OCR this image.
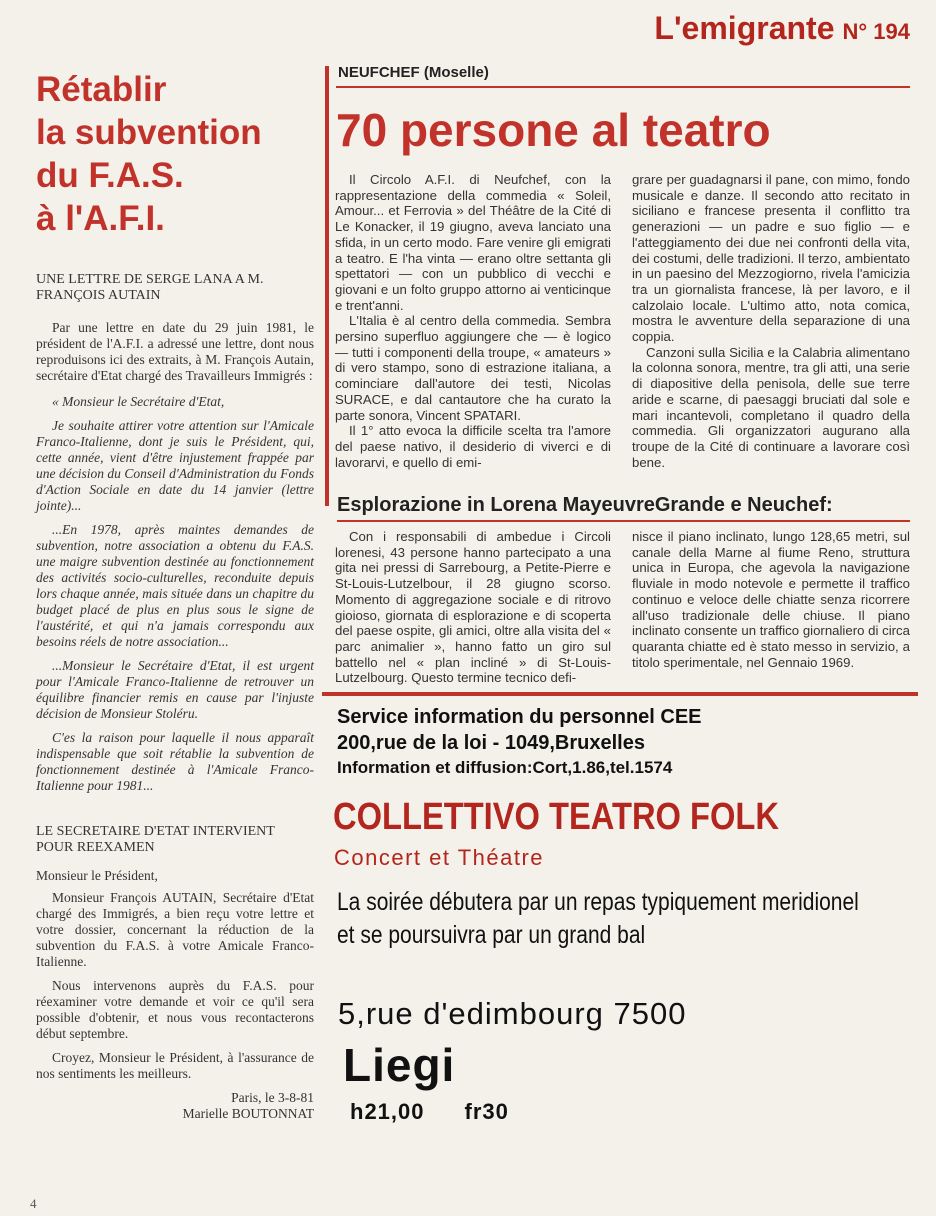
L'emigrante N° 194
Rétablir
la subvention
du F.A.S.
à l'A.F.I.
UNE LETTRE DE SERGE LANA A M. FRANÇOIS AUTAIN

Par une lettre en date du 29 juin 1981, le président de l'A.F.I. a adressé une lettre, dont nous reproduisons ici des extraits, à M. François Autain, secrétaire d'Etat chargé des Travailleurs Immigrés :

« Monsieur le Secrétaire d'Etat,

Je souhaite attirer votre attention sur l'Amicale Franco-Italienne, dont je suis le Président, qui, cette année, vient d'être injustement frappée par une décision du Conseil d'Administration du Fonds d'Action Sociale en date du 14 janvier (lettre jointe)...

...En 1978, après maintes demandes de subvention, notre association a obtenu du F.A.S. une maigre subvention destinée au fonctionnement des activités socio-culturelles, reconduite depuis lors chaque année, mais située dans un chapitre du budget placé de plus en plus sous le signe de l'austérité, et qui n'a jamais correspondu aux besoins réels de notre association...

...Monsieur le Secrétaire d'Etat, il est urgent pour l'Amicale Franco-Italienne de retrouver un équilibre financier remis en cause par l'injuste décision de Monsieur Stoléru.

C'es la raison pour laquelle il nous apparaît indispensable que soit rétablie la subvention de fonctionnement destinée à l'Amicale Franco-Italienne pour 1981...

LE SECRETAIRE D'ETAT INTERVIENT POUR REEXAMEN

Monsieur le Président,

Monsieur François AUTAIN, Secrétaire d'Etat chargé des Immigrés, a bien reçu votre lettre et votre dossier, concernant la réduction de la subvention du F.A.S. à votre Amicale Franco-Italienne.

Nous intervenons auprès du F.A.S. pour réexaminer votre demande et voir ce qu'il sera possible d'obtenir, et nous vous recontacterons début septembre.

Croyez, Monsieur le Président, à l'assurance de nos sentiments les meilleurs.

Paris, le 3-8-81
Marielle BOUTONNAT
4
NEUFCHEF (Moselle)
70 persone al teatro

Il Circolo A.F.I. di Neufchef, con la rappresentazione della commedia « Soleil, Amour... et Ferrovia » del Théâtre de la Cité di Le Konacker, il 19 giugno, aveva lanciato una sfida, in un certo modo. Fare venire gli emigrati a teatro. E l'ha vinta — erano oltre settanta gli spettatori — con un pubblico di vecchi e giovani e un folto gruppo attorno ai venticinque e trent'anni.

L'Italia è al centro della commedia. Sembra persino superfluo aggiungere che — è logico — tutti i componenti della troupe, « amateurs » di vero stampo, sono di estrazione italiana, a cominciare dall'autore dei testi, Nicolas SURACE, e dal cantautore che ha curato la parte sonora, Vincent SPATARI.

Il 1° atto evoca la difficile scelta tra l'amore del paese nativo, il desiderio di viverci e di lavorarvi, e quello di emi-

grare per guadagnarsi il pane, con mimo, fondo musicale e danze. Il secondo atto recitato in siciliano e francese presenta il conflitto tra generazioni — un padre e suo figlio — e l'atteggiamento dei due nei confronti della vita, dei costumi, delle tradizioni. Il terzo, ambientato in un paesino del Mezzogiorno, rivela l'amicizia tra un giornalista francese, là per lavoro, e il calzolaio locale. L'ultimo atto, nota comica, mostra le avventure della separazione di una coppia.

Canzoni sulla Sicilia e la Calabria alimentano la colonna sonora, mentre, tra gli atti, una serie di diapositive della penisola, delle sue terre aride e scarne, di paesaggi bruciati dal sole e mari incantevoli, completano il quadro della commedia. Gli organizzatori augurano alla troupe de la Cité di continuare a lavorare così bene.

Esplorazione in Lorena MayeuvreGrande e Neuchef:

Con i responsabili di ambedue i Circoli lorenesi, 43 persone hanno partecipato a una gita nei pressi di Sarrebourg, a Petite-Pierre e St-Louis-Lutzelbour, il 28 giugno scorso. Momento di aggregazione sociale e di ritrovo gioioso, giornata di esplorazione e di scoperta del paese ospite, gli amici, oltre alla visita del « parc animalier », hanno fatto un giro sul battello nel « plan incliné » di St-Louis-Lutzelbourg. Questo termine tecnico defi-

nisce il piano inclinato, lungo 128,65 metri, sul canale della Marne al fiume Reno, struttura unica in Europa, che agevola la navigazione fluviale in modo notevole e permette il traffico continuo e veloce delle chiatte senza ricorrere all'uso tradizionale delle chiuse. Il piano inclinato consente un traffico giornaliero di circa quaranta chiatte ed è stato messo in servizio, a titolo sperimentale, nel Gennaio 1969.

Service information du personnel CEE
200,rue de la loi - 1049,Bruxelles
Information et diffusion:Cort,1.86,tel.1574
COLLETTIVO TEATRO FOLK
Concert et Théatre
La soirée débutera par un repas typiquement meridionel
et se poursuivra par un grand bal
5,rue d'edimbourg 7500
Liegi
h21,00 fr30
